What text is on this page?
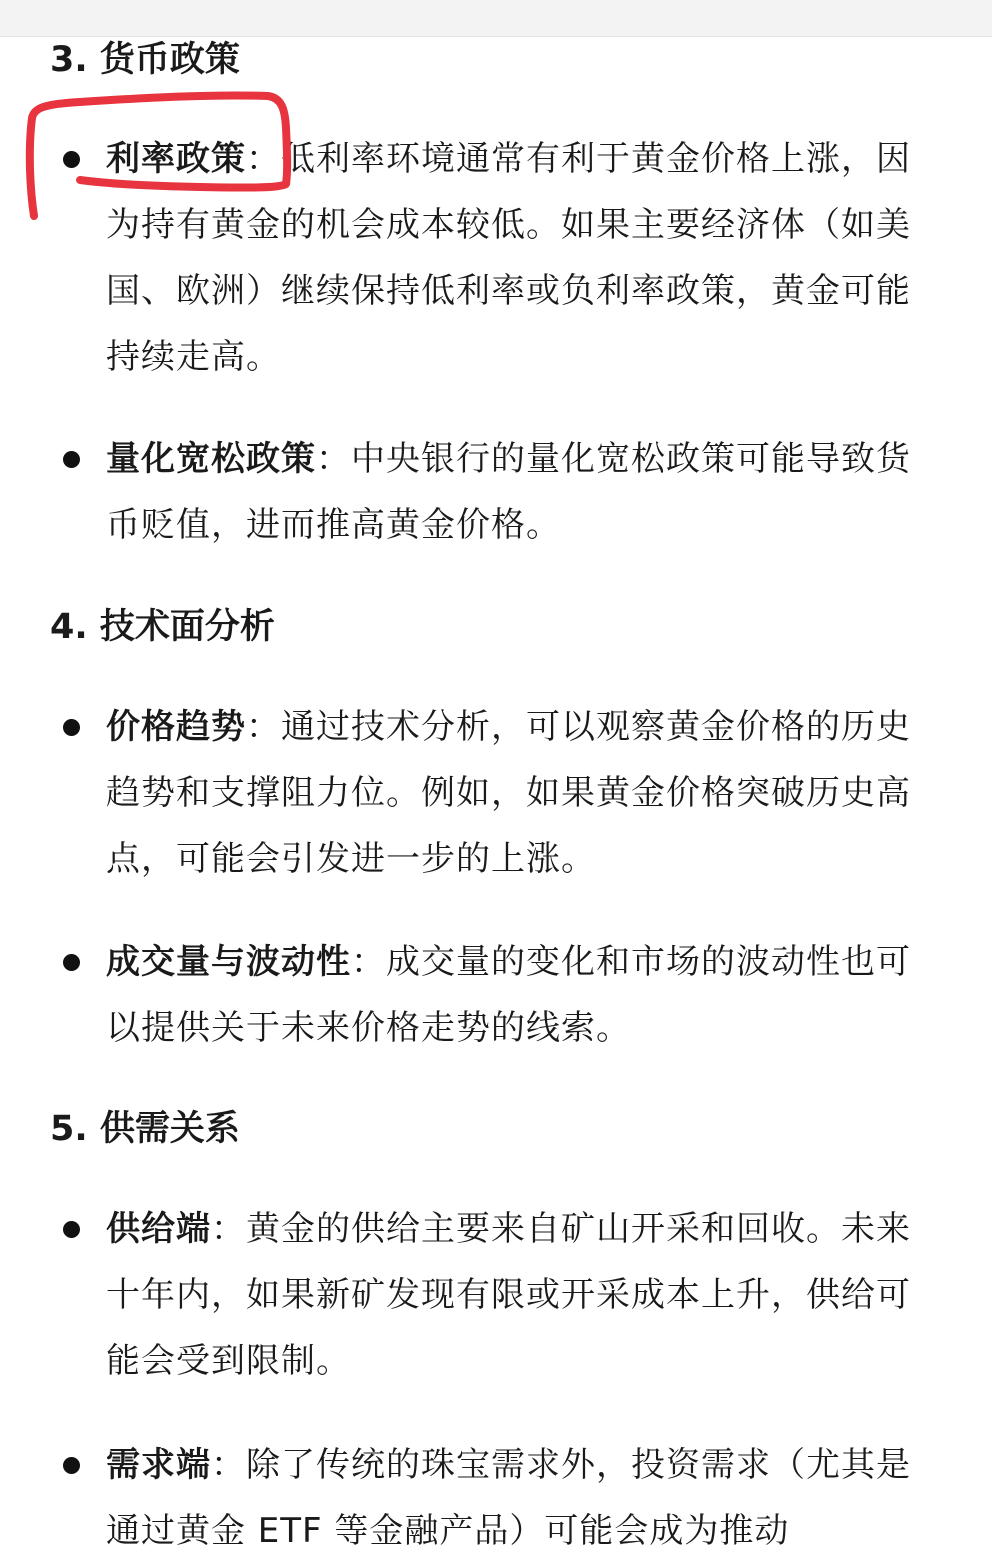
3. 货币政策

利率政策：低利率环境通常有利于黄金价格上涨，因为持有黄金的机会成本较低。如果主要经济体（如美国、欧洲）继续保持低利率或负利率政策，黄金可能持续走高。

量化宽松政策：中央银行的量化宽松政策可能导致货币贬值，进而推高黄金价格。

4. 技术面分析

价格趋势：通过技术分析，可以观察黄金价格的历史趋势和支撑阻力位。例如，如果黄金价格突破历史高点，可能会引发进一步的上涨。

成交量与波动性：成交量的变化和市场的波动性也可以提供关于未来价格走势的线索。

5. 供需关系

供给端：黄金的供给主要来自矿山开采和回收。未来十年内，如果新矿发现有限或开采成本上升，供给可能会受到限制。

需求端：除了传统的珠宝需求外，投资需求（尤其是通过黄金 ETF 等金融产品）可能会成为推动
